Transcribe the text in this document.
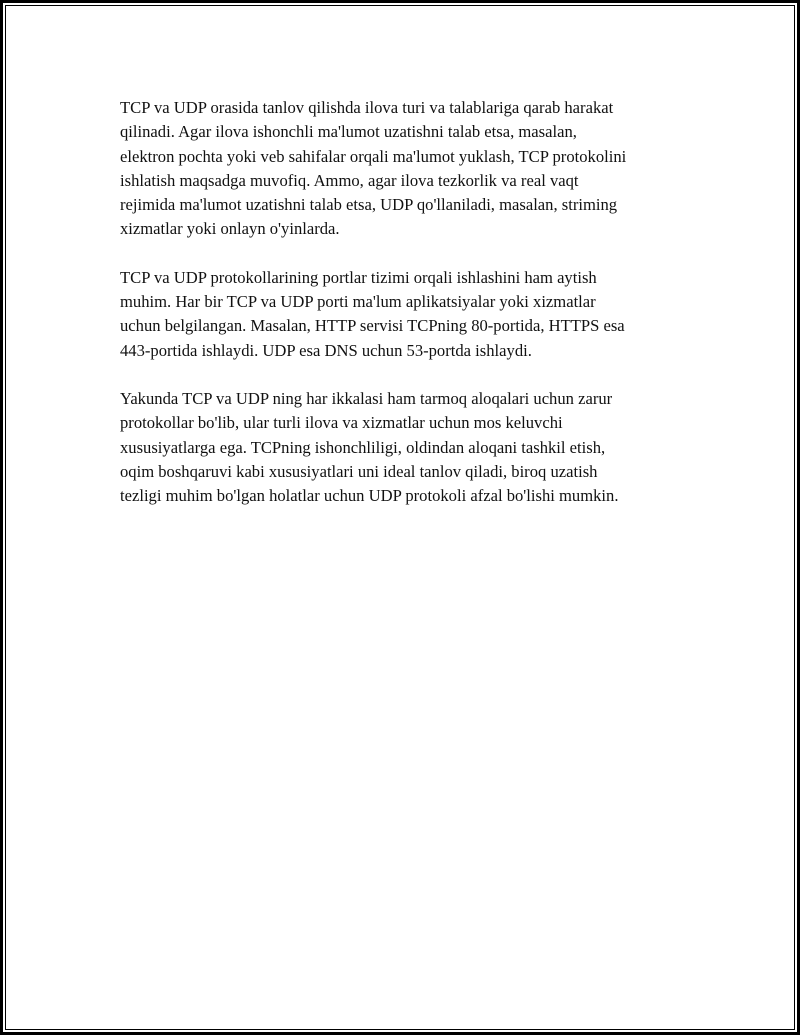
TCP va UDP orasida tanlov qilishda ilova turi va talablariga qarab harakat
qilinadi. Agar ilova ishonchli ma'lumot uzatishni talab etsa, masalan,
elektron pochta yoki veb sahifalar orqali ma'lumot yuklash, TCP protokolini
ishlatish maqsadga muvofiq. Ammo, agar ilova tezkorlik va real vaqt
rejimida ma'lumot uzatishni talab etsa, UDP qo'llaniladi, masalan, striming
xizmatlar yoki onlayn o'yinlarda.

TCP va UDP protokollarining portlar tizimi orqali ishlashini ham aytish
muhim. Har bir TCP va UDP porti ma'lum aplikatsiyalar yoki xizmatlar
uchun belgilangan. Masalan, HTTP servisi TCPning 80-portida, HTTPS esa
443-portida ishlaydi. UDP esa DNS uchun 53-portda ishlaydi.

Yakunda TCP va UDP ning har ikkalasi ham tarmoq aloqalari uchun zarur
protokollar bo'lib, ular turli ilova va xizmatlar uchun mos keluvchi
xususiyatlarga ega. TCPning ishonchliligi, oldindan aloqani tashkil etish,
oqim boshqaruvi kabi xususiyatlari uni ideal tanlov qiladi, biroq uzatish
tezligi muhim bo'lgan holatlar uchun UDP protokoli afzal bo'lishi mumkin.
